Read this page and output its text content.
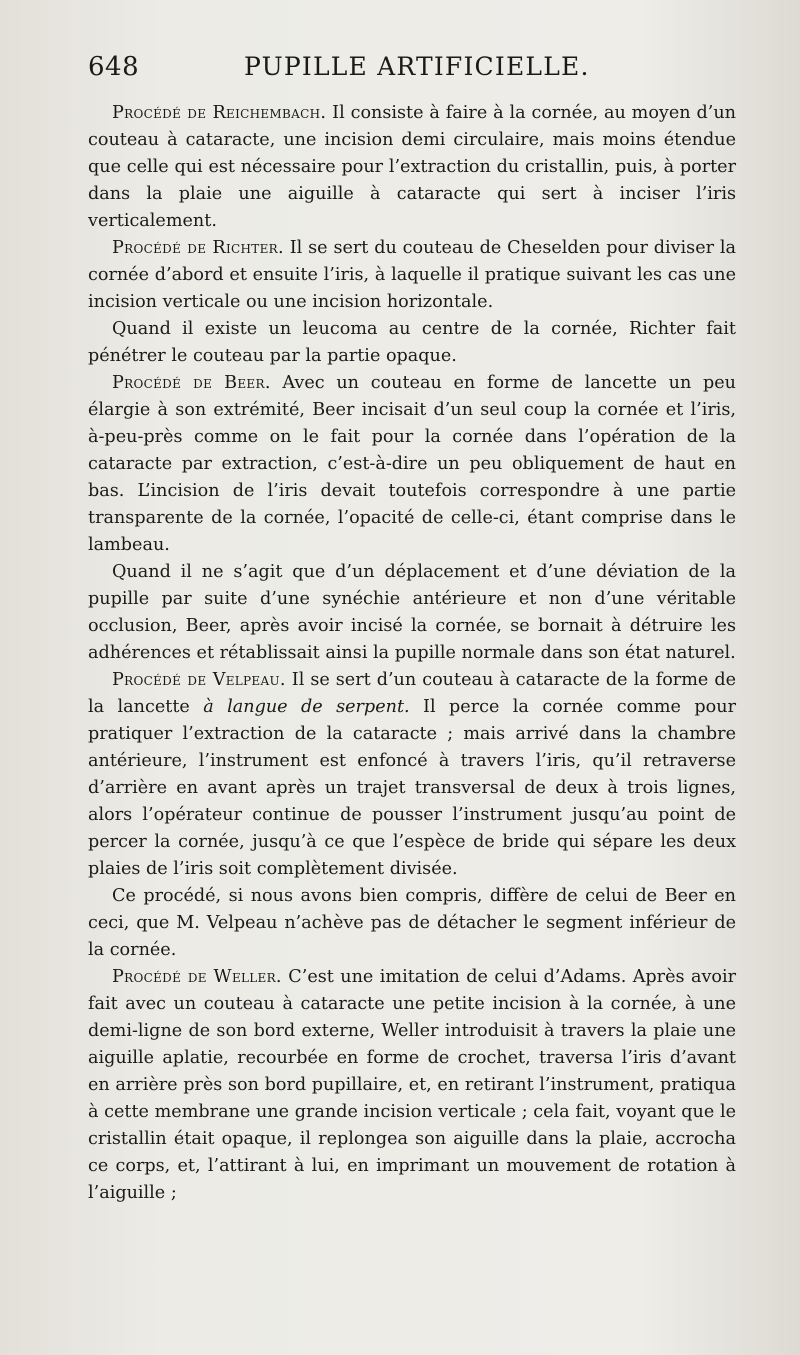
648	PUPILLE ARTIFICIELLE.

Procédé de Reichembach. Il consiste à faire à la cornée, au moyen d’un couteau à cataracte, une incision demi circulaire, mais moins étendue que celle qui est nécessaire pour l’extraction du cristallin, puis, à porter dans la plaie une aiguille à cataracte qui sert à inciser l’iris verticalement.

Procédé de Richter. Il se sert du couteau de Cheselden pour diviser la cornée d’abord et ensuite l’iris, à laquelle il pratique suivant les cas une incision verticale ou une incision horizontale.

Quand il existe un leucoma au centre de la cornée, Richter fait pénétrer le couteau par la partie opaque.

Procédé de Beer. Avec un couteau en forme de lancette un peu élargie à son extrémité, Beer incisait d’un seul coup la cornée et l’iris, à-peu-près comme on le fait pour la cornée dans l’opération de la cataracte par extraction, c’est-à-dire un peu obliquement de haut en bas. L’incision de l’iris devait toutefois correspondre à une partie transparente de la cornée, l’opacité de celle-ci, étant comprise dans le lambeau.

Quand il ne s’agit que d’un déplacement et d’une déviation de la pupille par suite d’une synéchie antérieure et non d’une véritable occlusion, Beer, après avoir incisé la cornée, se bornait à détruire les adhérences et rétablissait ainsi la pupille normale dans son état naturel.

Procédé de Velpeau. Il se sert d’un couteau à cataracte de la forme de la lancette à langue de serpent. Il perce la cornée comme pour pratiquer l’extraction de la cataracte ; mais arrivé dans la chambre antérieure, l’instrument est enfoncé à travers l’iris, qu’il retraverse d’arrière en avant après un trajet transversal de deux à trois lignes, alors l’opérateur continue de pousser l’instrument jusqu’au point de percer la cornée, jusqu’à ce que l’espèce de bride qui sépare les deux plaies de l’iris soit complètement divisée.

Ce procédé, si nous avons bien compris, diffère de celui de Beer en ceci, que M. Velpeau n’achève pas de détacher le segment inférieur de la cornée.

Procédé de Weller. C’est une imitation de celui d’Adams. Après avoir fait avec un couteau à cataracte une petite incision à la cornée, à une demi-ligne de son bord externe, Weller introduisit à travers la plaie une aiguille aplatie, recourbée en forme de crochet, traversa l’iris d’avant en arrière près son bord pupillaire, et, en retirant l’instrument, pratiqua à cette membrane une grande incision verticale ; cela fait, voyant que le cristallin était opaque, il replongea son aiguille dans la plaie, accrocha ce corps, et, l’attirant à lui, en imprimant un mouvement de rotation à l’aiguille ;
